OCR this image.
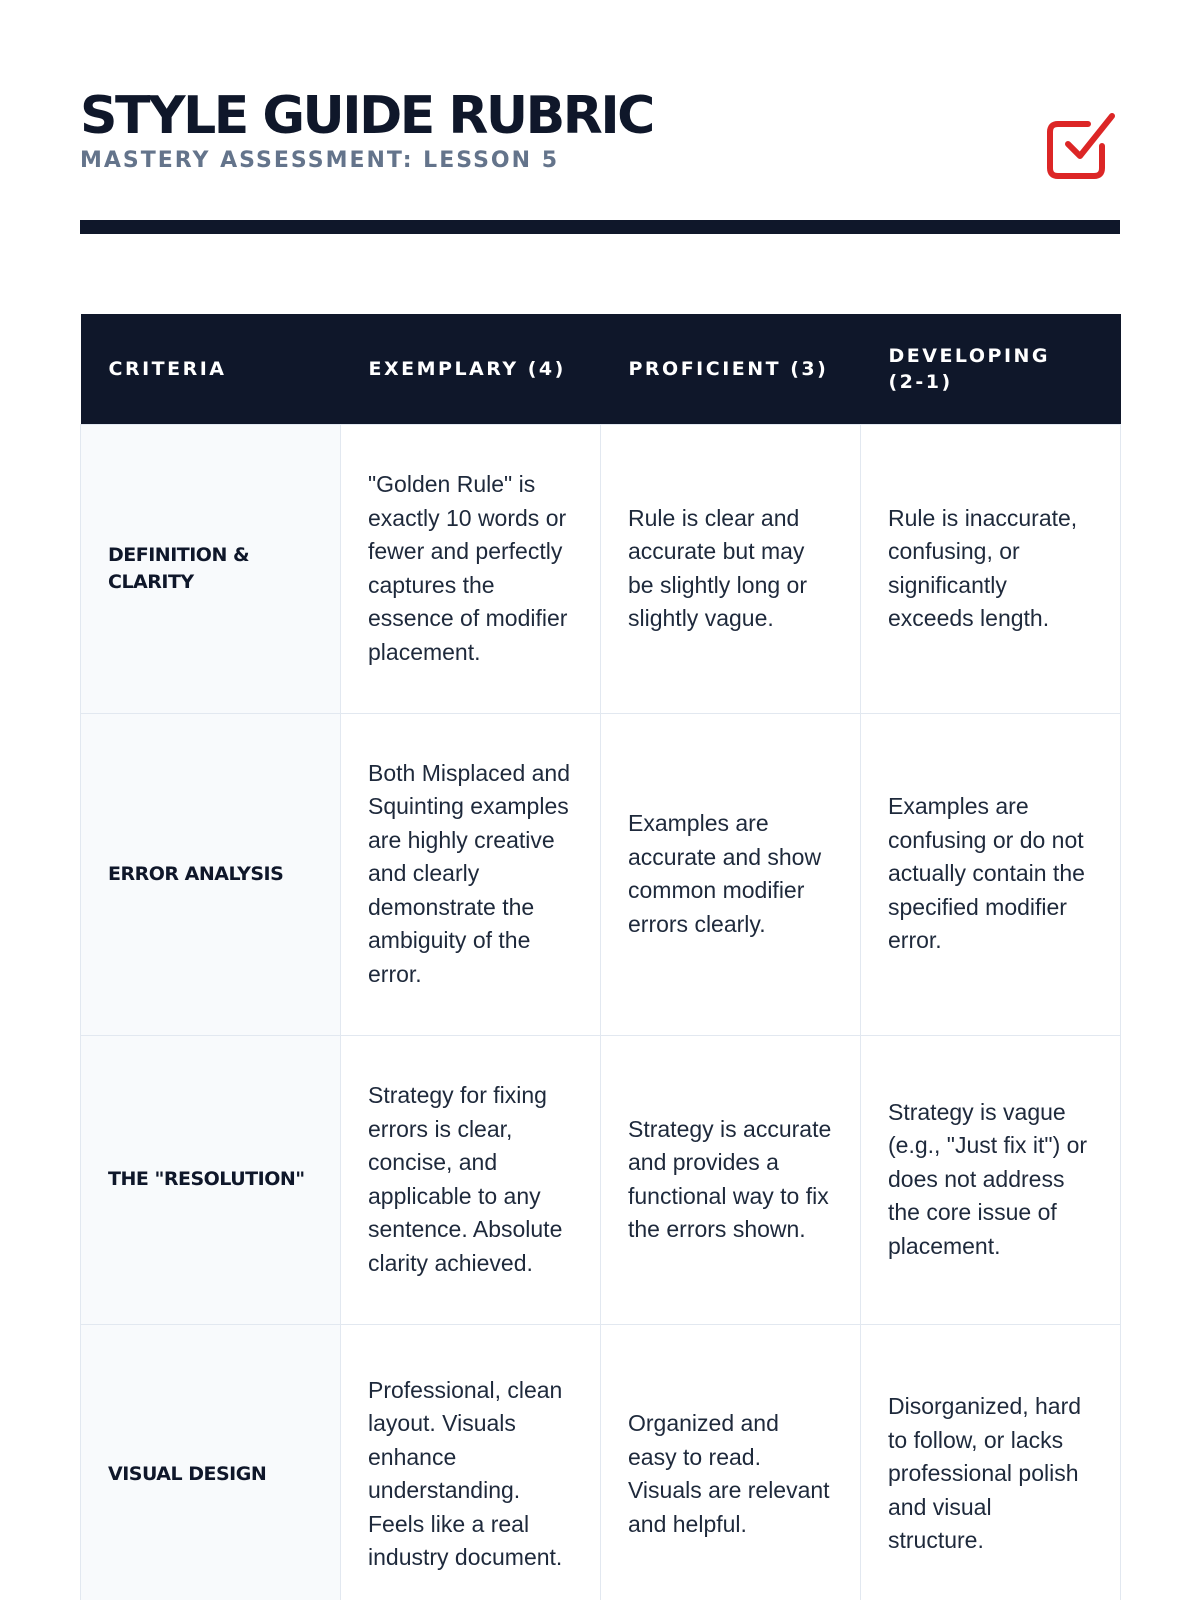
STYLE GUIDE RUBRIC
MASTERY ASSESSMENT: LESSON 5
CRITERIA	EXEMPLARY (4)	PROFICIENT (3)	DEVELOPING (2-1)
DEFINITION & CLARITY	"Golden Rule" is exactly 10 words or fewer and perfectly captures the essence of modifier placement.	Rule is clear and accurate but may be slightly long or slightly vague.	Rule is inaccurate, confusing, or significantly exceeds length.
ERROR ANALYSIS	Both Misplaced and Squinting examples are highly creative and clearly demonstrate the ambiguity of the error.	Examples are accurate and show common modifier errors clearly.	Examples are confusing or do not actually contain the specified modifier error.
THE "RESOLUTION"	Strategy for fixing errors is clear, concise, and applicable to any sentence. Absolute clarity achieved.	Strategy is accurate and provides a functional way to fix the errors shown.	Strategy is vague (e.g., "Just fix it") or does not address the core issue of placement.
VISUAL DESIGN	Professional, clean layout. Visuals enhance understanding. Feels like a real industry document.	Organized and easy to read. Visuals are relevant and helpful.	Disorganized, hard to follow, or lacks professional polish and visual structure.
